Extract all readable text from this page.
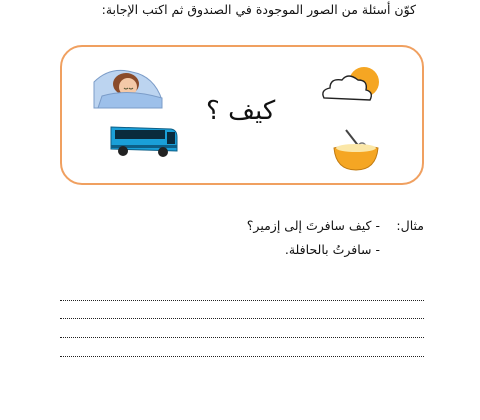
كوّن أسئلة من الصور الموجودة في الصندوق ثم اكتب الإجابة:
كيف ؟
مثال:
- كيف سافرتَ إلى إزمير؟
- سافرتُ بالحافلة.
